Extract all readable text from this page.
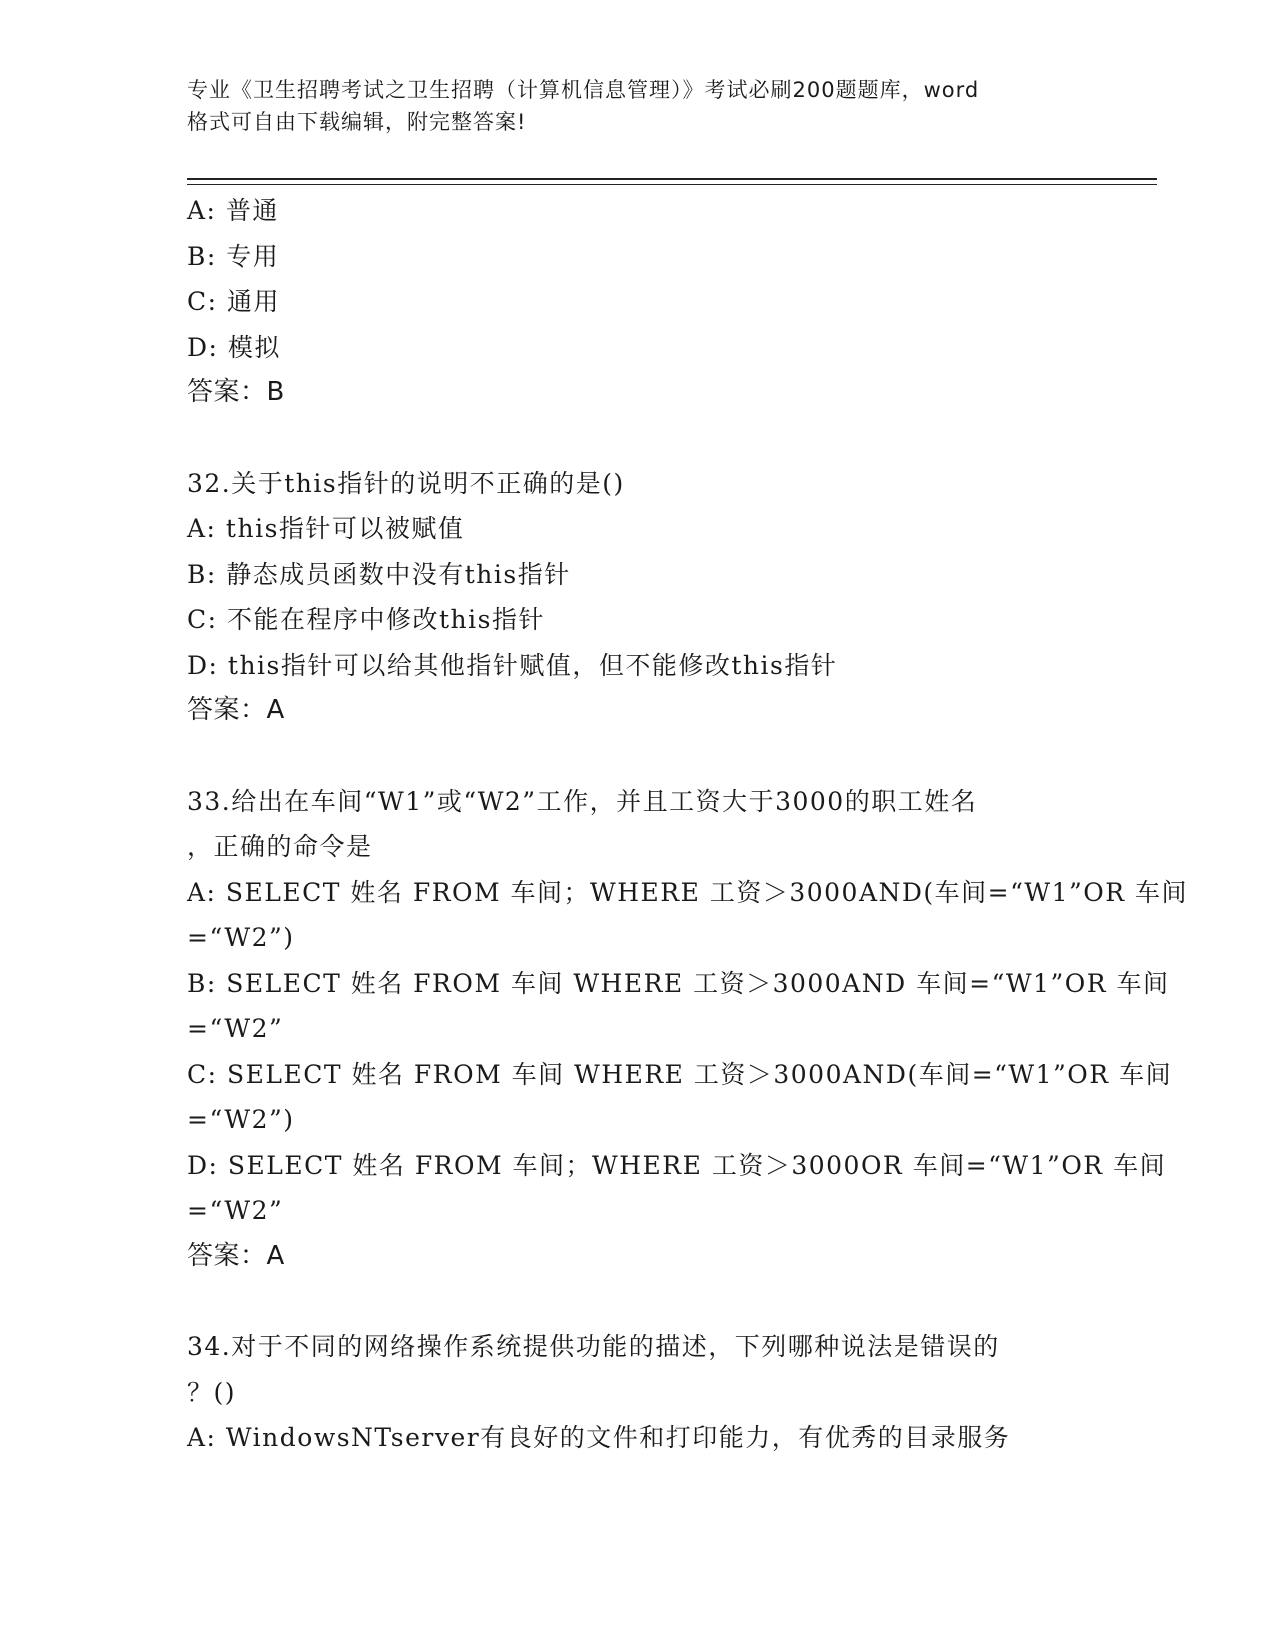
专业《卫生招聘考试之卫生招聘（计算机信息管理）》考试必刷200题题库，word
格式可自由下载编辑，附完整答案!
A: 普通
B: 专用
C: 通用
D: 模拟
答案：B
32.关于this指针的说明不正确的是()
A: this指针可以被赋值
B: 静态成员函数中没有this指针
C: 不能在程序中修改this指针
D: this指针可以给其他指针赋值，但不能修改this指针
答案：A
33.给出在车间“W1”或“W2”工作，并且工资大于3000的职工姓名
，正确的命令是
A: SELECT 姓名 FROM 车间；WHERE 工资＞3000AND(车间=“W1”OR 车间
=“W2”)
B: SELECT 姓名 FROM 车间 WHERE 工资＞3000AND 车间=“W1”OR 车间
=“W2”
C: SELECT 姓名 FROM 车间 WHERE 工资＞3000AND(车间=“W1”OR 车间
=“W2”)
D: SELECT 姓名 FROM 车间；WHERE 工资＞3000OR 车间=“W1”OR 车间
=“W2”
答案：A
34.对于不同的网络操作系统提供功能的描述，下列哪种说法是错误的
？()
A: WindowsNTserver有良好的文件和打印能力，有优秀的目录服务
